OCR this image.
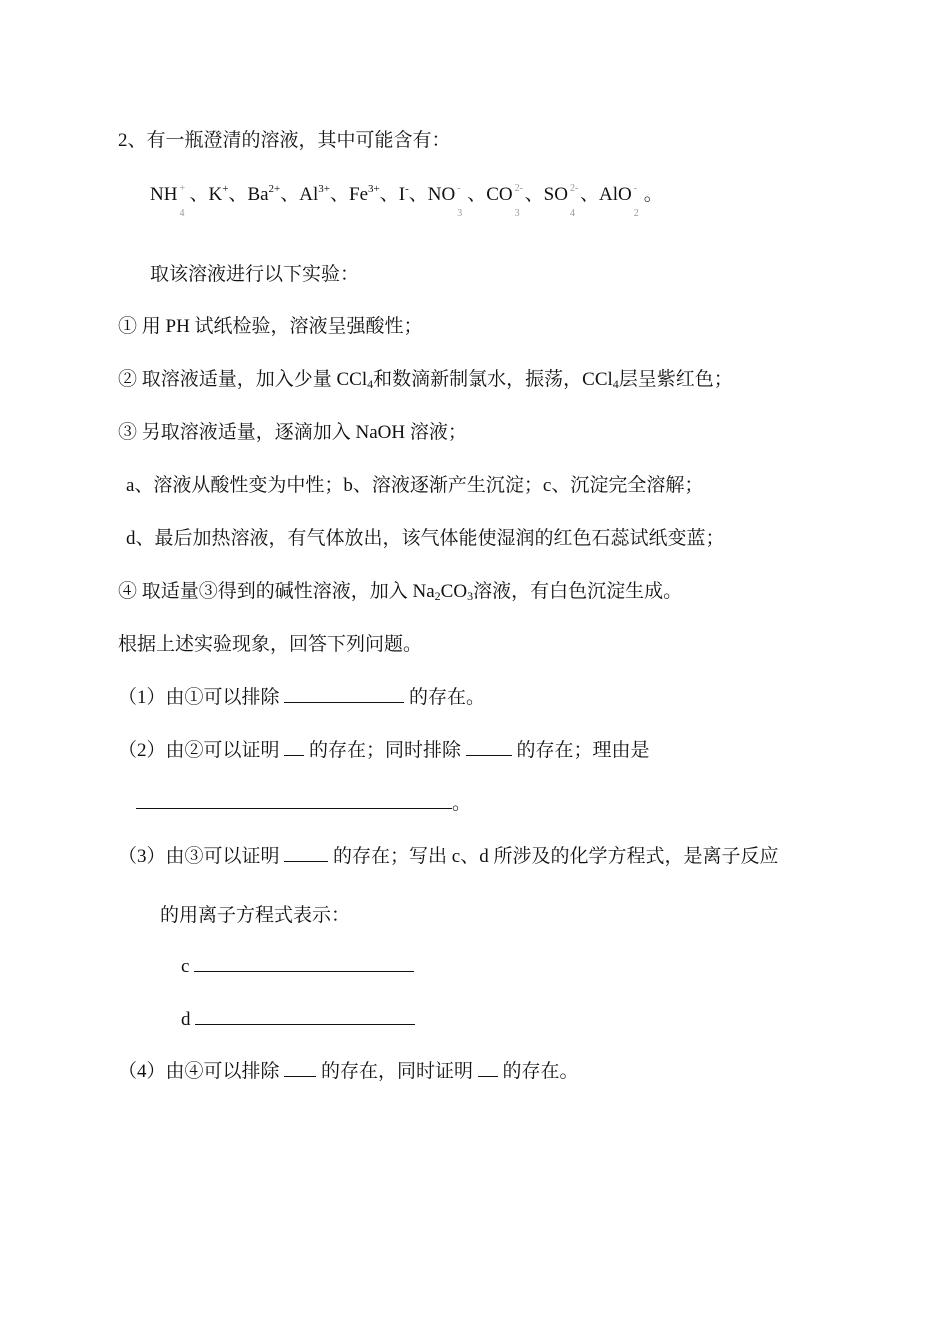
2、有一瓶澄清的溶液，其中可能含有：
NH +
4
、K+、$Ba^{2+}$、$Al^{3+}$、$Fe^{3+}$、I-、NO -
3
、CO 2-
3
、SO 2-
4
、AlO -
2
。
取该溶液进行以下实验：
① 用 PH 试纸检验，溶液呈强酸性；
② 取溶液适量，加入少量 CCl$_4$和数滴新制氯水，振荡，CCl$_4$层呈紫红色；
③ 另取溶液适量，逐滴加入 NaOH 溶液；
a、溶液从酸性变为中性；b、溶液逐渐产生沉淀；c、沉淀完全溶解；
d、最后加热溶液，有气体放出，该气体能使湿润的红色石蕊试纸变蓝；
④ 取适量③得到的碱性溶液，加入 $Na_2CO_3$溶液，有白色沉淀生成。
根据上述实验现象，回答下列问题。
（1）由①可以排除	的存在。
（2）由②可以证明  的存在；同时排除  的存在；理由是
。
（3）由③可以证明  的存在；写出 c、d 所涉及的化学方程式，是离子反应
的用离子方程式表示：
c
d
（4）由④可以排除  的存在，同时证明  的存在。
